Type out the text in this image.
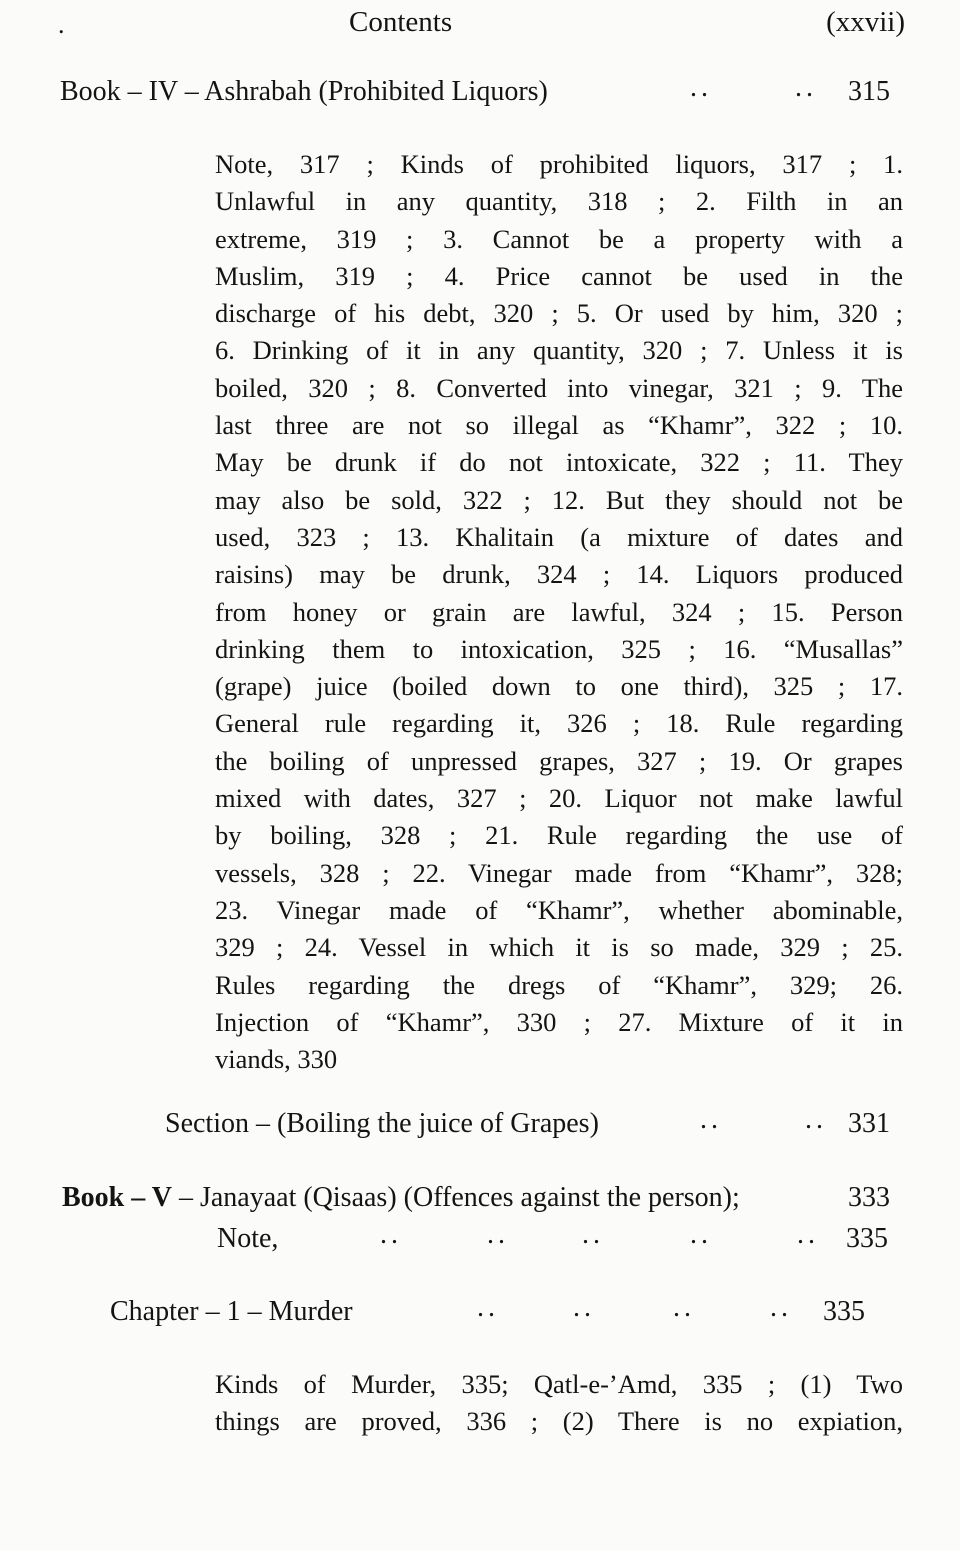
.	Contents	(xxvii)
Book – IV – Ashrabah (Prohibited Liquors)	..	.. 315
Note, 317 ; Kinds of prohibited liquors, 317 ; 1.
Unlawful in any quantity, 318 ; 2. Filth in an
extreme, 319 ; 3. Cannot be a property with a
Muslim, 319 ; 4. Price cannot be used in the
discharge of his debt, 320 ; 5. Or used by him, 320 ;
6. Drinking of it in any quantity, 320 ; 7. Unless it is
boiled, 320 ; 8. Converted into vinegar, 321 ; 9. The
last three are not so illegal as “Khamr”, 322 ; 10.
May be drunk if do not intoxicate, 322 ; 11. They
may also be sold, 322 ; 12. But they should not be
used, 323 ; 13. Khalitain (a mixture of dates and
raisins) may be drunk, 324 ; 14. Liquors produced
from honey or grain are lawful, 324 ; 15. Person
drinking them to intoxication, 325 ; 16. “Musallas”
(grape) juice (boiled down to one third), 325 ; 17.
General rule regarding it, 326 ; 18. Rule regarding
the boiling of unpressed grapes, 327 ; 19. Or grapes
mixed with dates, 327 ; 20. Liquor not make lawful
by boiling, 328 ; 21. Rule regarding the use of
vessels, 328 ; 22. Vinegar made from “Khamr”, 328;
23. Vinegar made of “Khamr”, whether abominable,
329 ; 24. Vessel in which it is so made, 329 ; 25.
Rules regarding the dregs of “Khamr”, 329; 26.
Injection of “Khamr”, 330 ; 27. Mixture of it in
viands, 330
Section – (Boiling the juice of Grapes)	..	.. 331
Book – V – Janayaat (Qisaas) (Offences against the person);	333
Note,	..	..	..	..	.. 335
Chapter – 1 – Murder	..	..	..	.. 335
Kinds of Murder, 335; Qatl-e-’Amd, 335 ; (1) Two
things are proved, 336 ; (2) There is no expiation,
